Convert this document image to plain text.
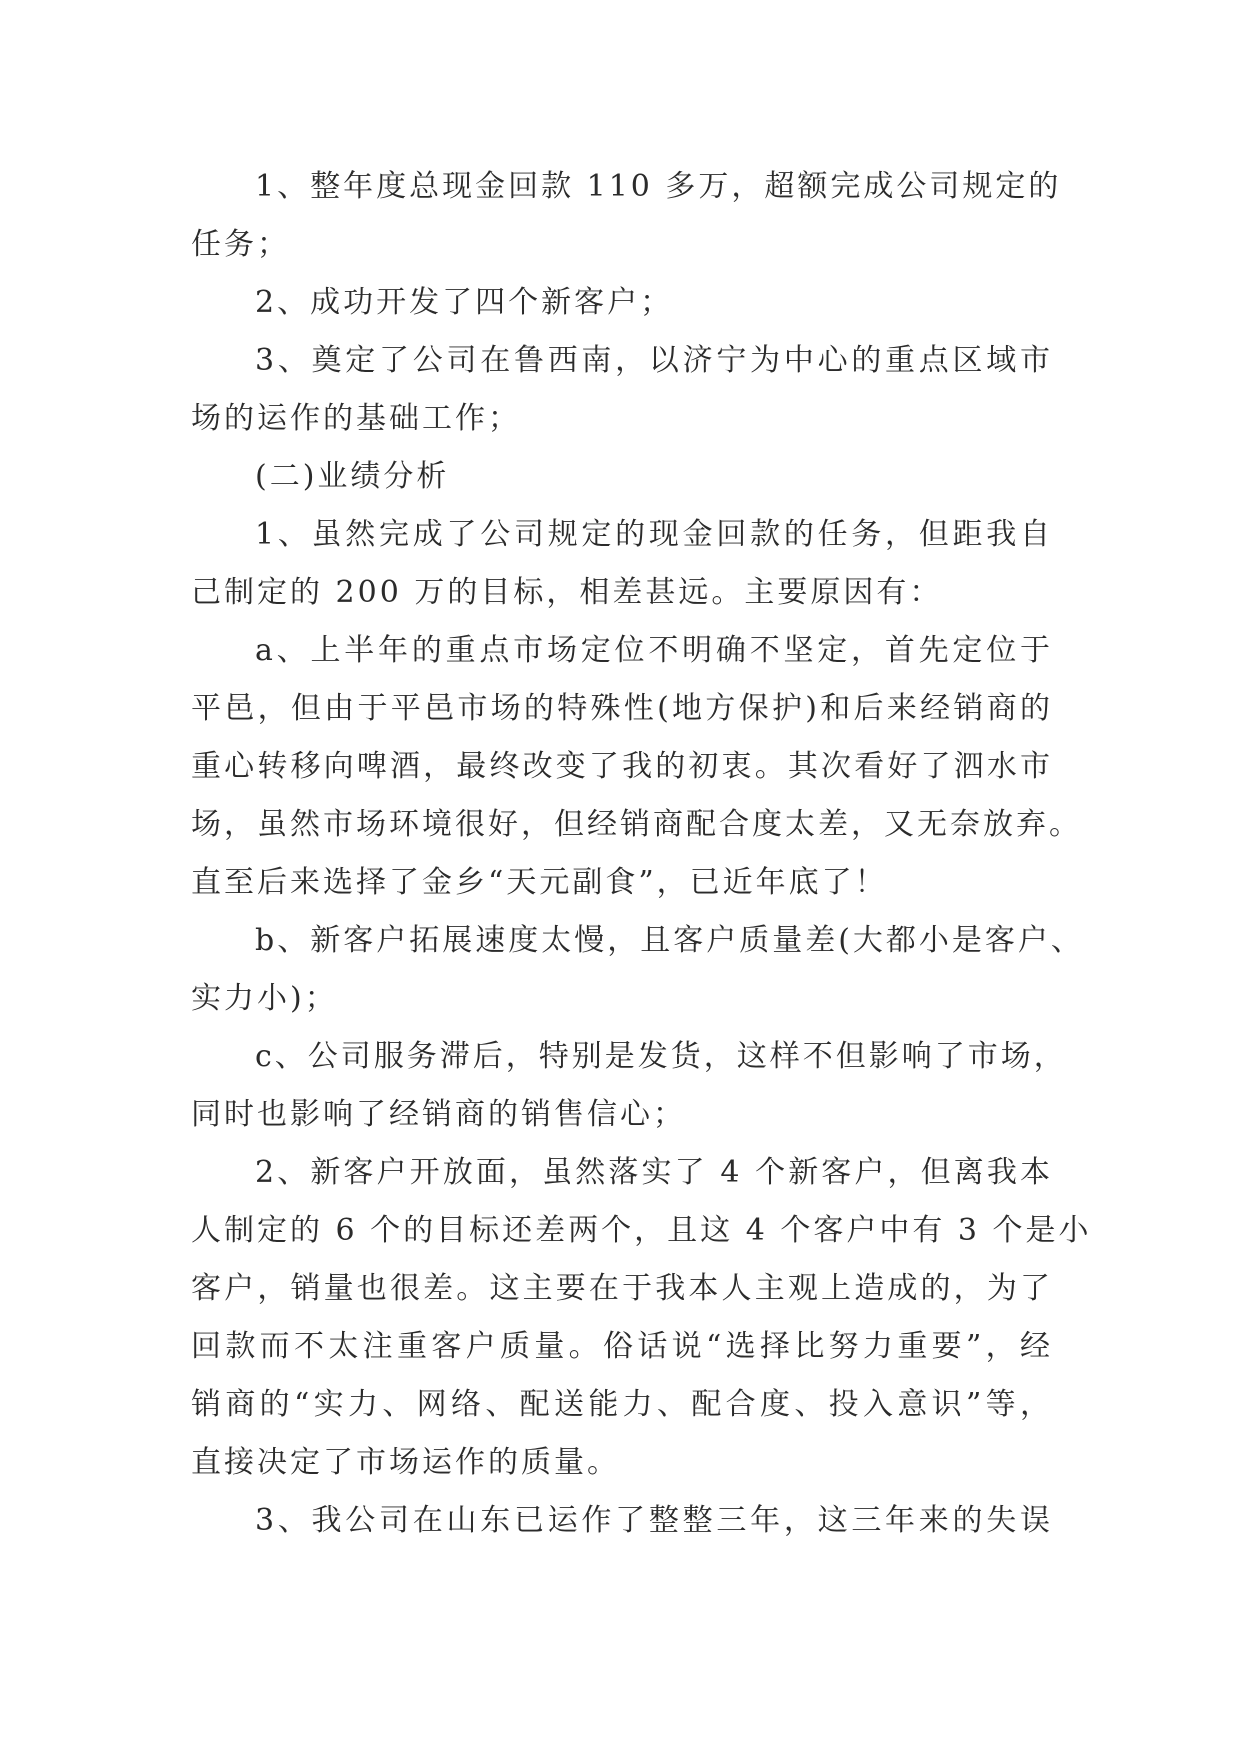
1、整年度总现金回款 110 多万，超额完成公司规定的
任务；

2、成功开发了四个新客户；

3、奠定了公司在鲁西南，以济宁为中心的重点区域市
场的运作的基础工作；

(二)业绩分析

1、虽然完成了公司规定的现金回款的任务，但距我自
己制定的 200 万的目标，相差甚远。主要原因有：

a、上半年的重点市场定位不明确不坚定，首先定位于
平邑，但由于平邑市场的特殊性(地方保护)和后来经销商的
重心转移向啤酒，最终改变了我的初衷。其次看好了泗水市
场，虽然市场环境很好，但经销商配合度太差，又无奈放弃。
直至后来选择了金乡“天元副食”，已近年底了！

b、新客户拓展速度太慢，且客户质量差(大都小是客户、
实力小)；

c、公司服务滞后，特别是发货，这样不但影响了市场，
同时也影响了经销商的销售信心；

2、新客户开放面，虽然落实了 4 个新客户，但离我本
人制定的 6 个的目标还差两个，且这 4 个客户中有 3 个是小
客户，销量也很差。这主要在于我本人主观上造成的，为了
回款而不太注重客户质量。俗话说“选择比努力重要”，经
销商的“实力、网络、配送能力、配合度、投入意识”等，
直接决定了市场运作的质量。

3、我公司在山东已运作了整整三年，这三年来的失误
